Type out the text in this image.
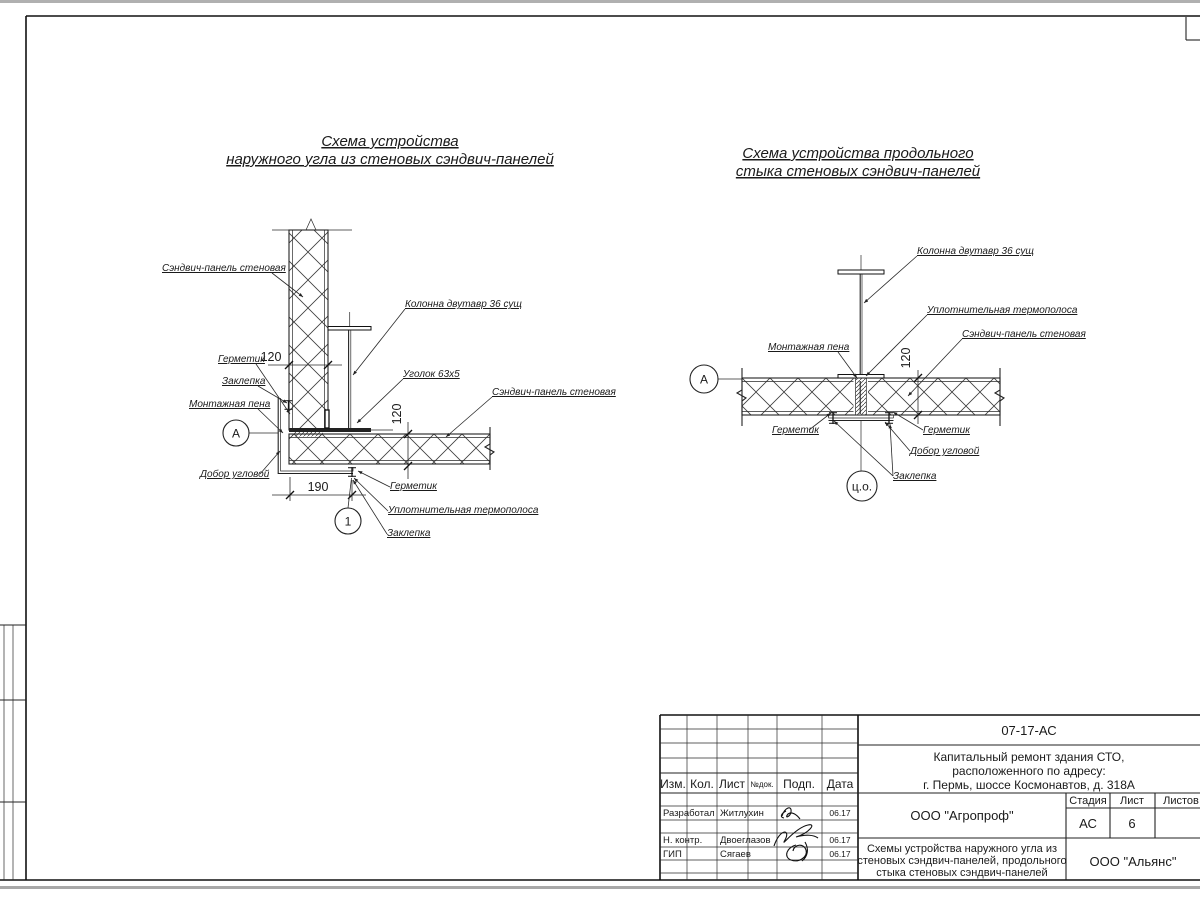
Схема устройства
наружного угла из стеновых сэндвич-панелей
120
190
120
А
1
Сэндвич-панель стеновая
Колонна двутавр 36 сущ
Герметик
Заклепка
Монтажная пена
Уголок 63х5
Сэндвич-панель стеновая
Добор угловой
Герметик
Уплотнительная термополоса
Заклепка
Схема устройства продольного
стыка стеновых сэндвич-панелей
120
А
ц.о.
Колонна двутавр 36 сущ
Уплотнительная термополоса
Сэндвич-панель стеновая
Монтажная пена
Герметик	Герметик
Добор угловой
Заклепка
Изм. Кол. Лист №док. Подп. Дата
Разработал Житлухин	06.17
Н. контр. Двоеглазов	06.17
ГИП	Сягаев	06.17
07-17-АС
Капитальный ремонт здания СТО,
расположенного по адресу:
г. Пермь, шоссе Космонавтов, д. 318А
ООО "Агропроф"
Схемы устройства наружного угла из
стеновых сэндвич-панелей, продольного
стыка стеновых сэндвич-панелей
Стадия Лист Листов
АС 6
ООО "Альянс"
